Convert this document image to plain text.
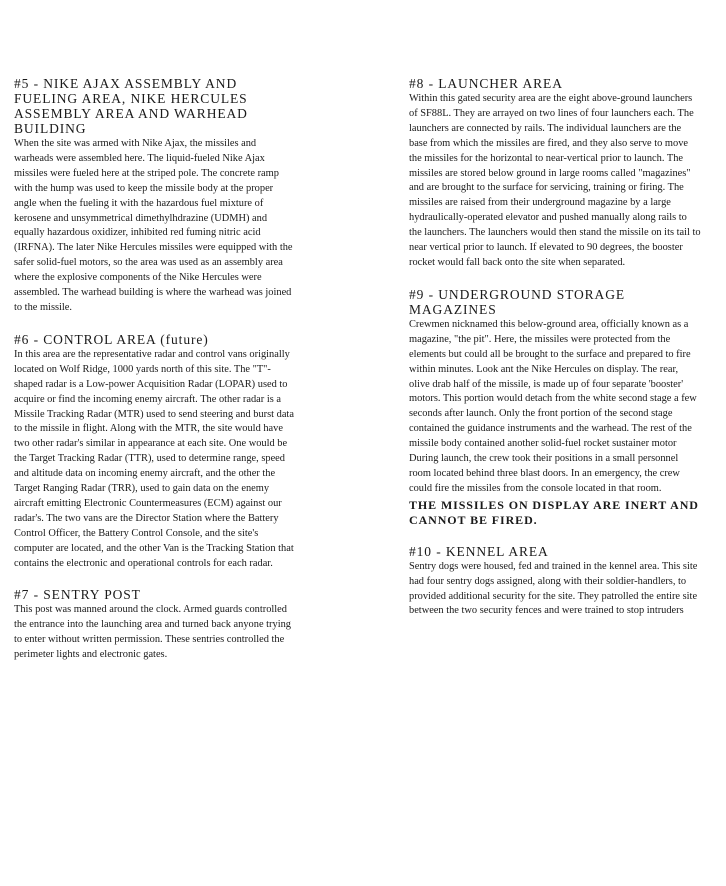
#5 - NIKE AJAX ASSEMBLY AND FUELING AREA, NIKE HERCULES ASSEMBLY AREA AND WARHEAD BUILDING

When the site was armed with Nike Ajax, the missiles and warheads were assembled here. The liquid-fueled Nike Ajax missiles were fueled here at the striped pole. The concrete ramp with the hump was used to keep the missile body at the proper angle when the fueling it with the hazardous fuel mixture of kerosene and unsymmetrical dimethylhdrazine (UDMH) and equally hazardous oxidizer, inhibited red fuming nitric acid (IRFNA). The later Nike Hercules missiles were equipped with the safer solid-fuel motors, so the area was used as an assembly area where the explosive components of the Nike Hercules were assembled. The warhead building is where the warhead was joined to the missile.

#6 - CONTROL AREA (future)

In this area are the representative radar and control vans originally located on Wolf Ridge, 1000 yards north of this site. The "T"- shaped radar is a Low-power Acquisition Radar (LOPAR) used to acquire or find the incoming enemy aircraft. The other radar is a Missile Tracking Radar (MTR) used to send steering and burst data to the missile in flight. Along with the MTR, the site would have two other radar's similar in appearance at each site. One would be the Target Tracking Radar (TTR), used to determine range, speed and altitude data on incoming enemy aircraft, and the other the Target Ranging Radar (TRR), used to gain data on the enemy aircraft emitting Electronic Countermeasures (ECM) against our radar's. The two vans are the Director Station where the Battery Control Officer, the Battery Control Console, and the site's computer are located, and the other Van is the Tracking Station that contains the electronic and operational controls for each radar.

#7 - SENTRY POST

This post was manned around the clock. Armed guards controlled the entrance into the launching area and turned back anyone trying to enter without written permission. These sentries controlled the perimeter lights and electronic gates.

#8 - LAUNCHER AREA

Within this gated security area are the eight above-ground launchers of SF88L. They are arrayed on two lines of four launchers each. The launchers are connected by rails. The individual launchers are the base from which the missiles are fired, and they also serve to move the missiles for the horizontal to near-vertical prior to launch. The missiles are stored below ground in large rooms called "magazines" and are brought to the surface for servicing, training or firing. The missiles are raised from their underground magazine by a large hydraulically-operated elevator and pushed manually along rails to the launchers. The launchers would then stand the missile on its tail to near vertical prior to launch. If elevated to 90 degrees, the booster rocket would fall back onto the site when separated.

#9 - UNDERGROUND STORAGE MAGAZINES

Crewmen nicknamed this below-ground area, officially known as a magazine, "the pit". Here, the missiles were protected from the elements but could all be brought to the surface and prepared to fire within minutes. Look ant the Nike Hercules on display. The rear, olive drab half of the missile, is made up of four separate 'booster' motors. This portion would detach from the white second stage a few seconds after launch. Only the front portion of the second stage contained the guidance instruments and the warhead. The rest of the missile body contained another solid-fuel rocket sustainer motor During launch, the crew took their positions in a small personnel room located behind three blast doors. In an emergency, the crew could fire the missiles from the console located in that room.
THE MISSILES ON DISPLAY ARE INERT AND CANNOT BE FIRED.

#10 - KENNEL AREA

Sentry dogs were housed, fed and trained in the kennel area. This site had four sentry dogs assigned, along with their soldier-handlers, to provided additional security for the site. They patrolled the entire site between the two security fences and were trained to stop intruders
